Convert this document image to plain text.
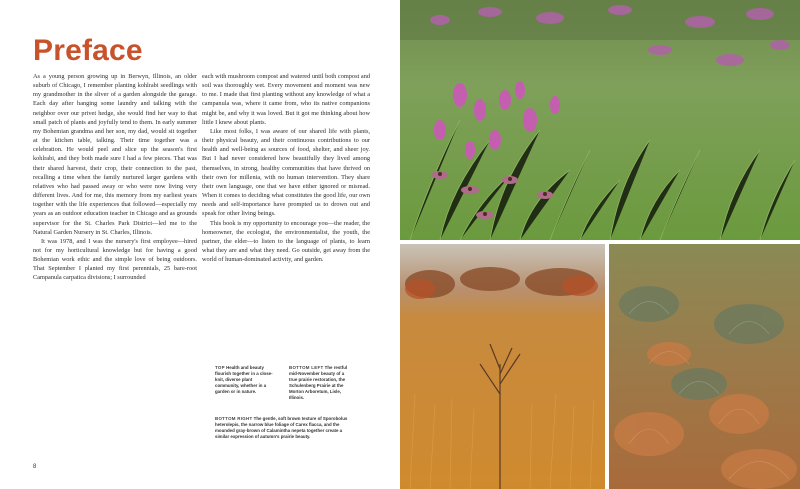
Preface

As a young person growing up in Berwyn, Illinois, an older suburb of Chicago, I remember planting kohlrabi seedlings with my grandmother in the sliver of a garden alongside the garage. Each day after hanging some laundry and talking with the neighbor over our privet hedge, she would find her way to that small patch of plants and joyfully tend to them. In early summer my Bohemian grandma and her son, my dad, would sit together at the kitchen table, talking. Their time together was a celebration. He would peel and slice up the season's first kohlrabi, and they both made sure I had a few pieces. That was their shared harvest, their crop, their connection to the past, recalling a time when the family nurtured larger gardens with relatives who had passed away or who were now living very different lives. And for me, this memory from my earliest years together with the life experiences that followed—especially my years as an outdoor education teacher in Chicago and as grounds supervisor for the St. Charles Park District—led me to the Natural Garden Nursery in St. Charles, Illinois.

It was 1978, and I was the nursery's first employee—hired not for my horticultural knowledge but for having a good Bohemian work ethic and the simple love of being outdoors. That September I planted my first perennials, 25 bare-root Campanula carpatica divisions; I surrounded

each with mushroom compost and watered until both compost and soil was thoroughly wet. Every movement and moment was new to me. I made that first planting without any knowledge of what a campanula was, where it came from, who its native companions might be, and why it was loved. But it got me thinking about how little I knew about plants.

Like most folks, I was aware of our shared life with plants, their physical beauty, and their continuous contributions to our health and well-being as sources of food, shelter, and sheer joy. But I had never considered how beautifully they lived among themselves, in strong, healthy communities that have thrived on their own for millenia, with no human intervention. They share their own language, one that we have either ignored or misread. When it comes to deciding what constitutes the good life, our own needs and self-importance have prompted us to drown out and speak for other living beings.

This book is my opportunity to encourage you—the reader, the homeowner, the ecologist, the environmentalist, the youth, the partner, the elder—to listen to the language of plants, to learn what they are and what they need. Go outside, get away from the world of human-dominated activity, and garden.

TOP Health and beauty flourish together in a close-knit, diverse plant community, whether in a garden or in nature.
BOTTOM LEFT The restful mid-November beauty of a true prairie restoration, the Schulenberg Prairie at the Morton Arboretum, Lisle, Illinois.
BOTTOM RIGHT The gentle, soft brown texture of Sporobolus heterolepis, the narrow blue foliage of Carex flacca, and the mounded gray-brown of Calamintha nepeta together create a similar expression of autumn's prairie beauty.
8
